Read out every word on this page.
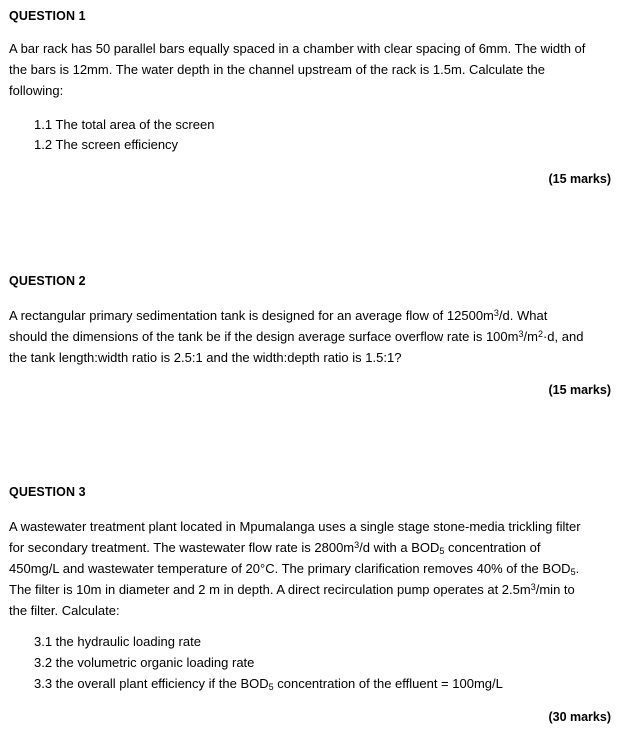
QUESTION 1
A bar rack has 50 parallel bars equally spaced in a chamber with clear spacing of 6mm. The width of
the bars is 12mm. The water depth in the channel upstream of the rack is 1.5m. Calculate the
following:
1.1 The total area of the screen
1.2 The screen efficiency
(15 marks)
QUESTION 2
A rectangular primary sedimentation tank is designed for an average flow of $12500m^3/d$. What
should the dimensions of the tank be if the design average surface overflow rate is $100m^3/m^2\cdot d$, and
the tank length:width ratio is 2.5:1 and the width:depth ratio is 1.5:1?
(15 marks)
QUESTION 3
A wastewater treatment plant located in Mpumalanga uses a single stage stone-media trickling filter
for secondary treatment. The wastewater flow rate is $2800m^3/d$ with a $BOD_5$ concentration of
450mg/L and wastewater temperature of 20°C. The primary clarification removes 40% of the $BOD_5$.
The filter is 10m in diameter and 2 m in depth. A direct recirculation pump operates at $2.5m^3/\min$ to
the filter. Calculate:
3.1 the hydraulic loading rate
3.2 the volumetric organic loading rate
3.3 the overall plant efficiency if the $BOD_5$ concentration of the effluent = 100mg/L
(30 marks)
